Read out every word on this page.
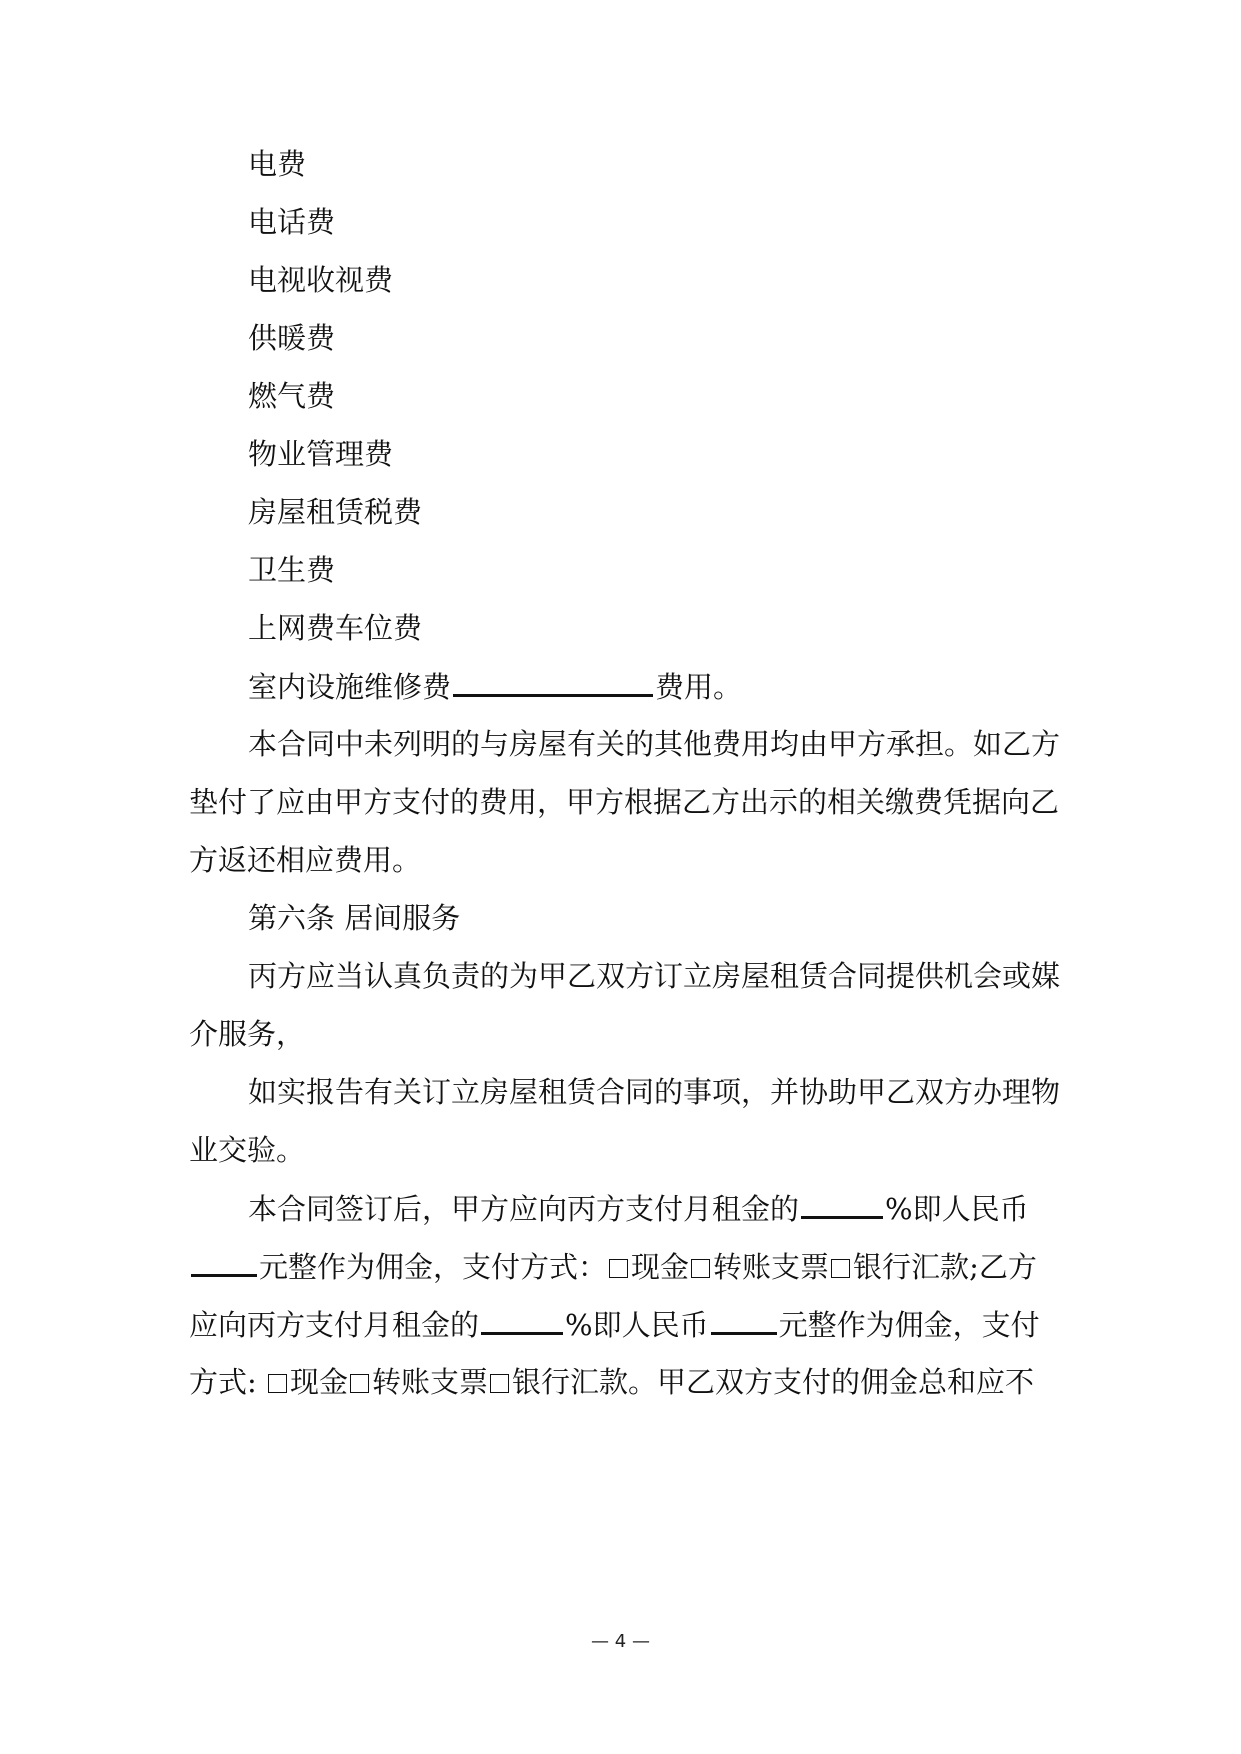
电费
电话费
电视收视费
供暖费
燃气费
物业管理费
房屋租赁税费
卫生费
上网费车位费
室内设施维修费	费用。
本合同中未列明的与房屋有关的其他费用均由甲方承担。如乙方
垫付了应由甲方支付的费用，甲方根据乙方出示的相关缴费凭据向乙
方返还相应费用。
第六条 居间服务
丙方应当认真负责的为甲乙双方订立房屋租赁合同提供机会或媒
介服务，
如实报告有关订立房屋租赁合同的事项，并协助甲乙双方办理物
业交验。
本合同签订后，甲方应向丙方支付月租金的	%即人民币
元整作为佣金，支付方式： 现金 转账支票 银行汇款;乙方
应向丙方支付月租金的	%即人民币 元整作为佣金，支付
方式: 现金 转账支票 银行汇款。甲乙双方支付的佣金总和应不
— 4 —
